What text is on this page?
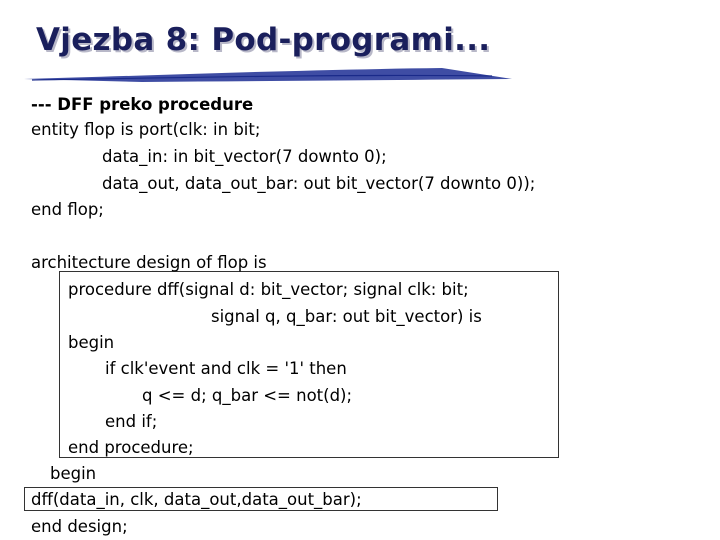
Vjezba 8: Pod-programi...
--- DFF preko procedure
entity flop is port(clk: in bit;
data_in: in bit_vector(7 downto 0);
data_out, data_out_bar: out bit_vector(7 downto 0));
end flop;
architecture design of flop is
procedure dff(signal d: bit_vector; signal clk: bit;
signal q, q_bar: out bit_vector) is
begin
if clk'event and clk = '1' then
q <= d; q_bar <= not(d);
end if;
end procedure;
begin
dff(data_in, clk, data_out,data_out_bar);
end design;
